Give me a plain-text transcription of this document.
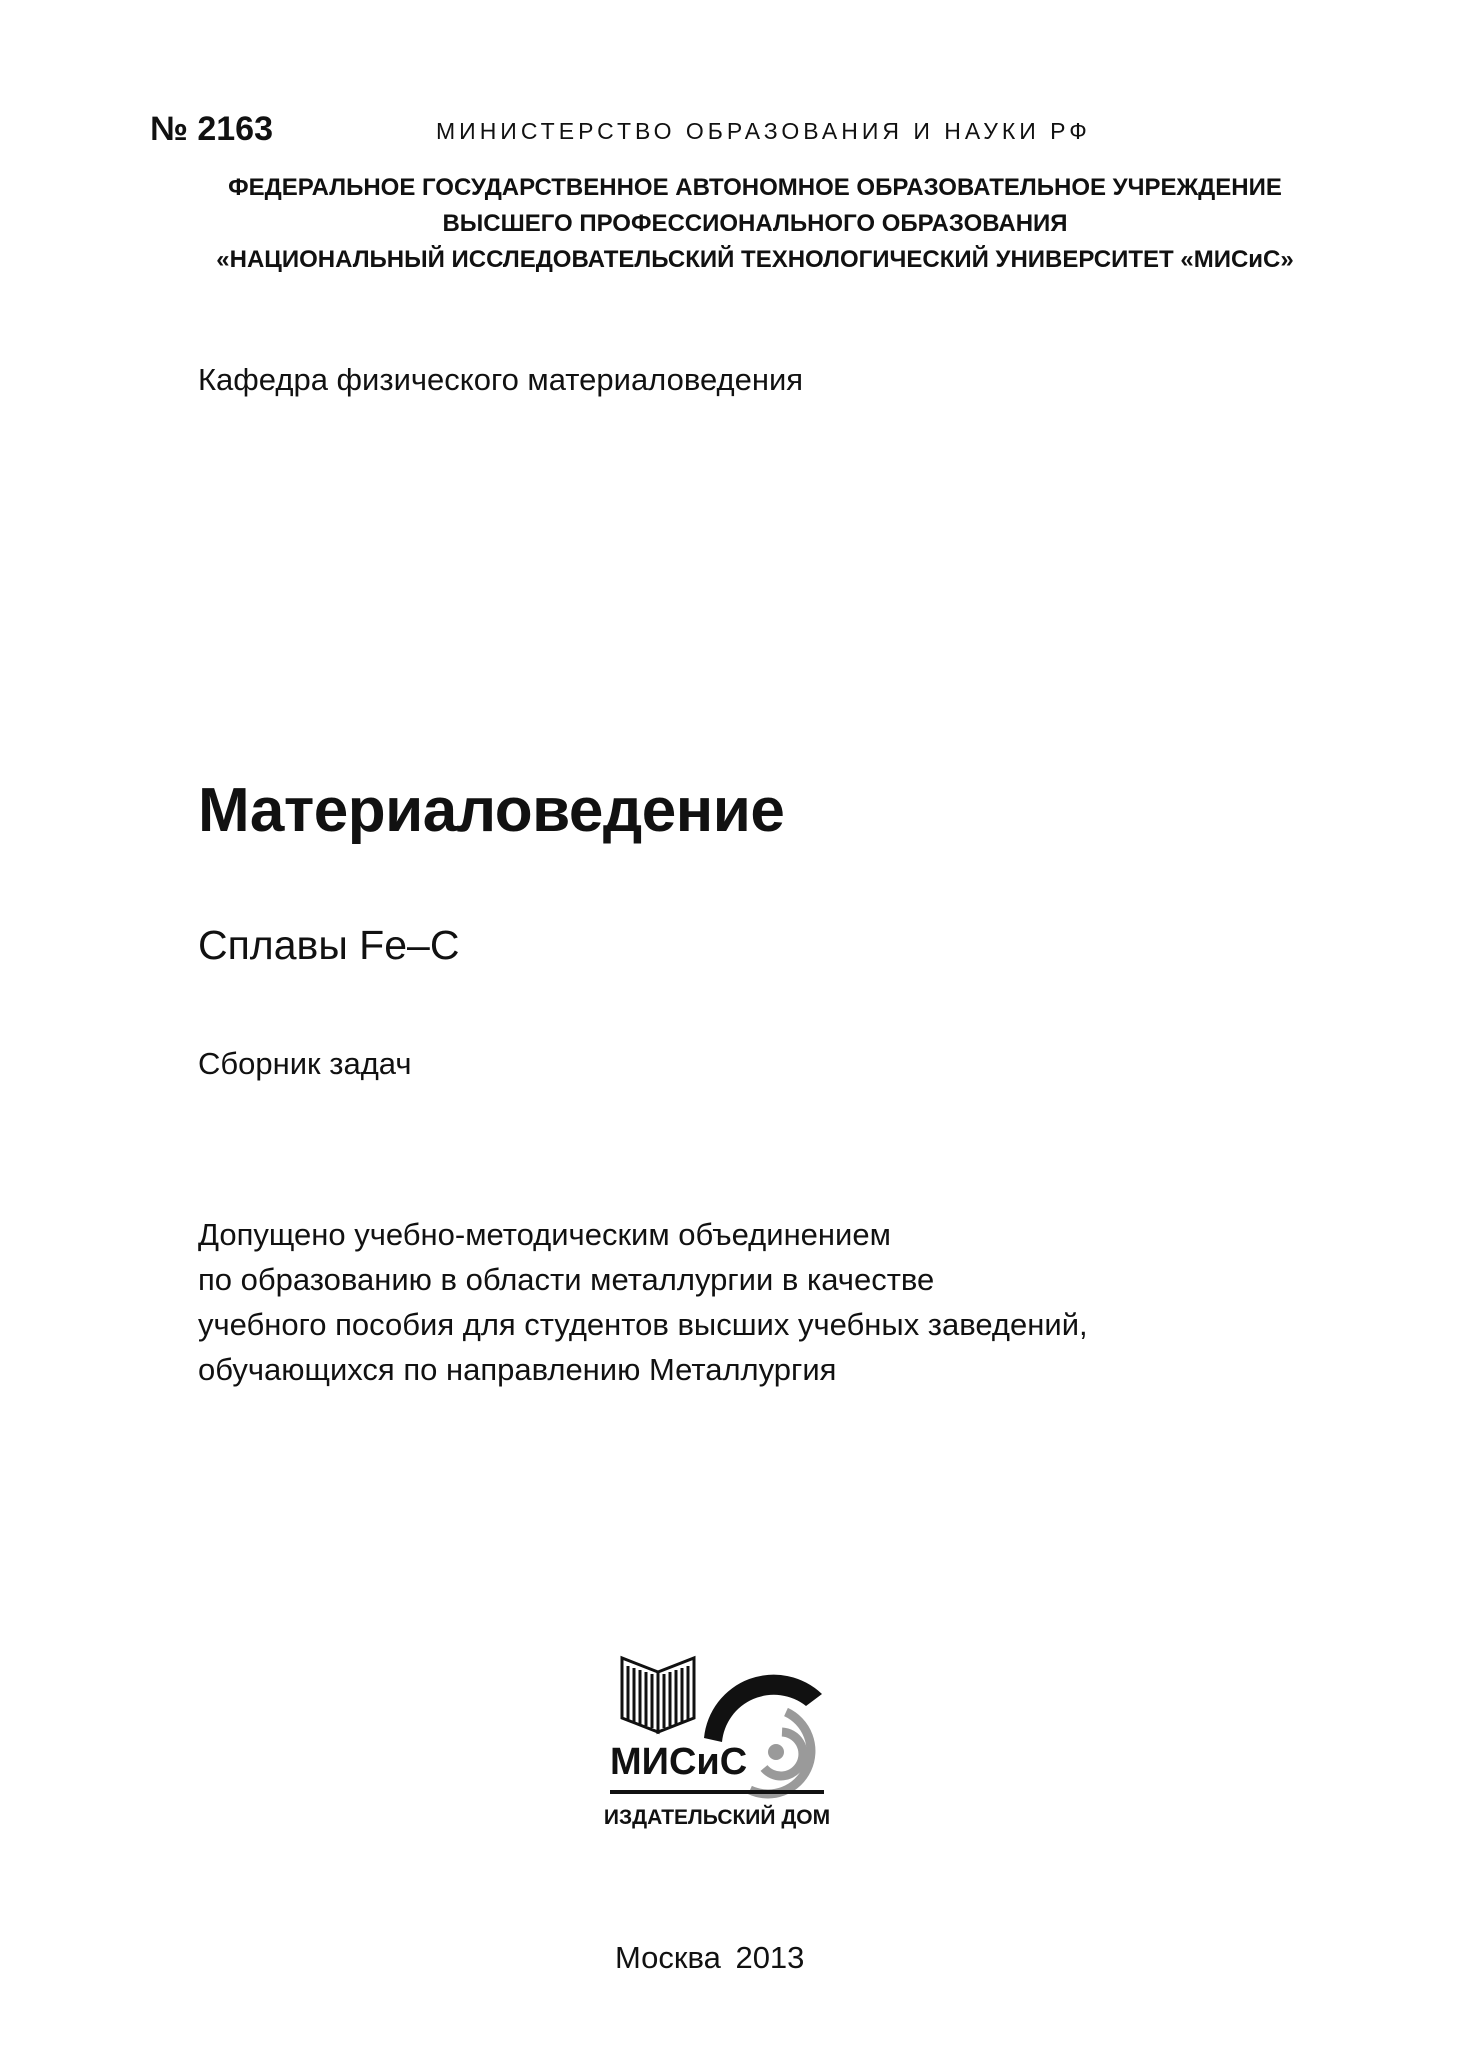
№ 2163	МИНИСТЕРСТВО ОБРАЗОВАНИЯ И НАУКИ РФ
ФЕДЕРАЛЬНОЕ ГОСУДАРСТВЕННОЕ АВТОНОМНОЕ ОБРАЗОВАТЕЛЬНОЕ УЧРЕЖДЕНИЕ
ВЫСШЕГО ПРОФЕССИОНАЛЬНОГО ОБРАЗОВАНИЯ
«НАЦИОНАЛЬНЫЙ ИССЛЕДОВАТЕЛЬСКИЙ ТЕХНОЛОГИЧЕСКИЙ УНИВЕРСИТЕТ «МИСиС»
Кафедра физического материаловедения
Материаловедение
Сплавы Fe–C
Сборник задач
Допущено учебно-методическим объединением
по образованию в области металлургии в качестве
учебного пособия для студентов высших учебных заведений,
обучающихся по направлению Металлургия
МИСиС
ИЗДАТЕЛЬСКИЙ ДОМ
Москва 2013
